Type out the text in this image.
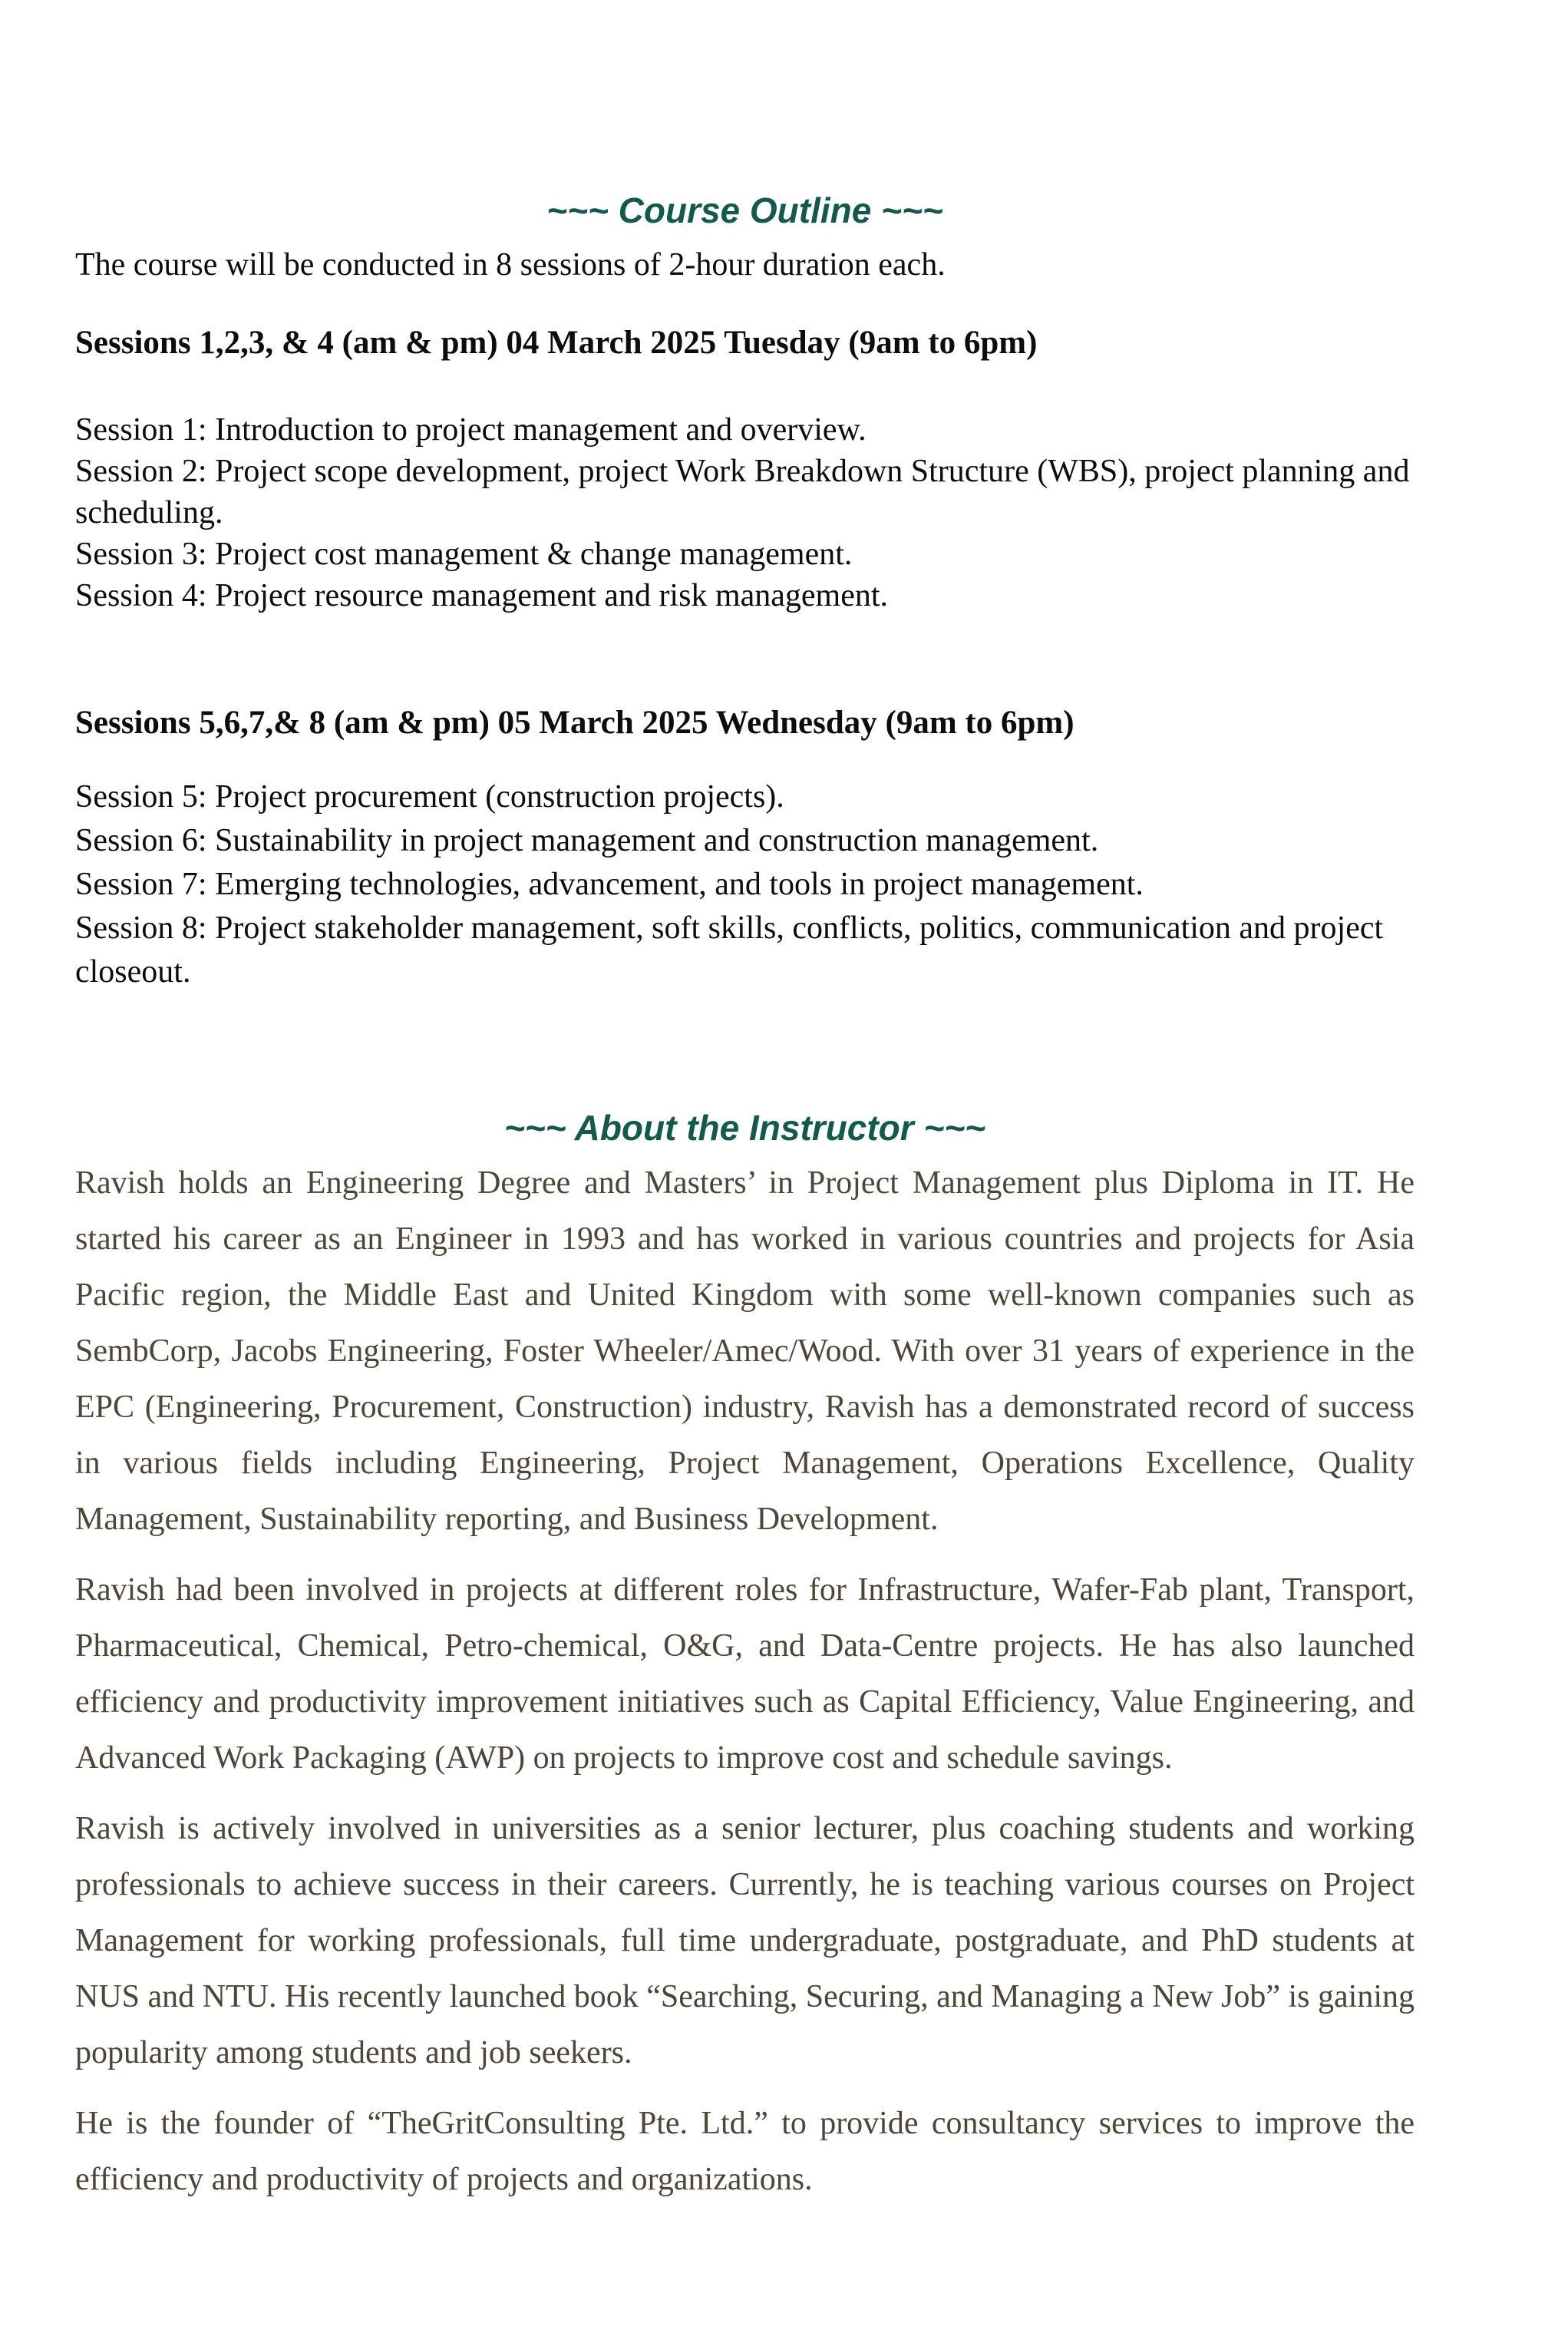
~~~ Course Outline ~~~

The course will be conducted in 8 sessions of 2-hour duration each.

Sessions 1,2,3, & 4 (am & pm) 04 March 2025 Tuesday (9am to 6pm)

Session 1: Introduction to project management and overview.

Session 2: Project scope development, project Work Breakdown Structure (WBS), project planning and scheduling.

Session 3: Project cost management & change management.

Session 4: Project resource management and risk management.

Sessions 5,6,7,& 8 (am & pm) 05 March 2025 Wednesday (9am to 6pm)

Session 5: Project procurement (construction projects).

Session 6: Sustainability in project management and construction management.

Session 7: Emerging technologies, advancement, and tools in project management.

Session 8: Project stakeholder management, soft skills, conflicts, politics, communication and project closeout.

~~~ About the Instructor ~~~

Ravish holds an Engineering Degree and Masters’ in Project Management plus Diploma in IT. He started his career as an Engineer in 1993 and has worked in various countries and projects for Asia Pacific region, the Middle East and United Kingdom with some well-known companies such as SembCorp, Jacobs Engineering, Foster Wheeler/Amec/Wood. With over 31 years of experience in the EPC (Engineering, Procurement, Construction) industry, Ravish has a demonstrated record of success in various fields including Engineering, Project Management, Operations Excellence, Quality Management, Sustainability reporting, and Business Development.

Ravish had been involved in projects at different roles for Infrastructure, Wafer-Fab plant, Transport, Pharmaceutical, Chemical, Petro-chemical, O&G, and Data-Centre projects. He has also launched efficiency and productivity improvement initiatives such as Capital Efficiency, Value Engineering, and Advanced Work Packaging (AWP) on projects to improve cost and schedule savings.

Ravish is actively involved in universities as a senior lecturer, plus coaching students and working professionals to achieve success in their careers. Currently, he is teaching various courses on Project Management for working professionals, full time undergraduate, postgraduate, and PhD students at NUS and NTU. His recently launched book “Searching, Securing, and Managing a New Job” is gaining popularity among students and job seekers.

He is the founder of “TheGritConsulting Pte. Ltd.” to provide consultancy services to improve the efficiency and productivity of projects and organizations.
